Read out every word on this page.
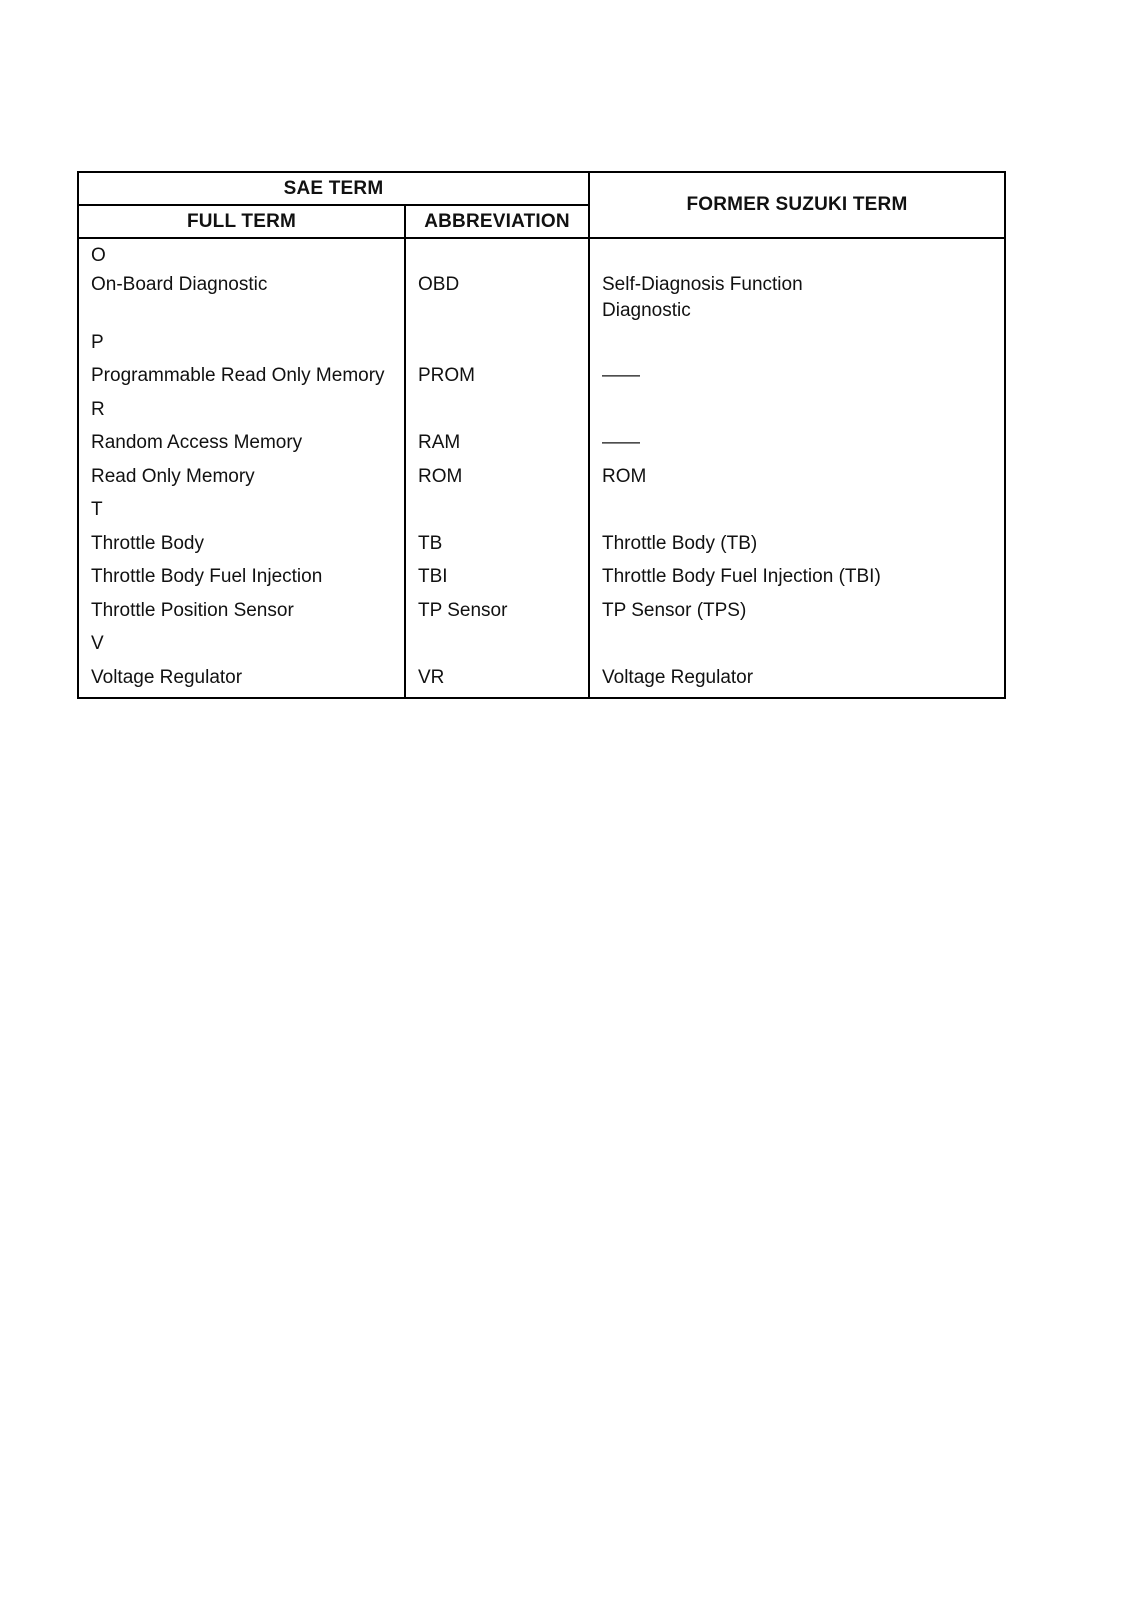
SAE TERM		FORMER SUZUKI TERM
FULL TERM	ABBREVIATION	
O		
On-Board Diagnostic	OBD	Self-Diagnosis Function
Diagnostic

P		
Programmable Read Only Memory	PROM	——

R		
Random Access Memory	RAM	——

Read Only Memory	ROM	ROM

T		
Throttle Body	TB	Throttle Body (TB)

Throttle Body Fuel Injection	TBI	Throttle Body Fuel Injection (TBI)

Throttle Position Sensor	TP Sensor	TP Sensor (TPS)

V		
Voltage Regulator	VR	Voltage Regulator
